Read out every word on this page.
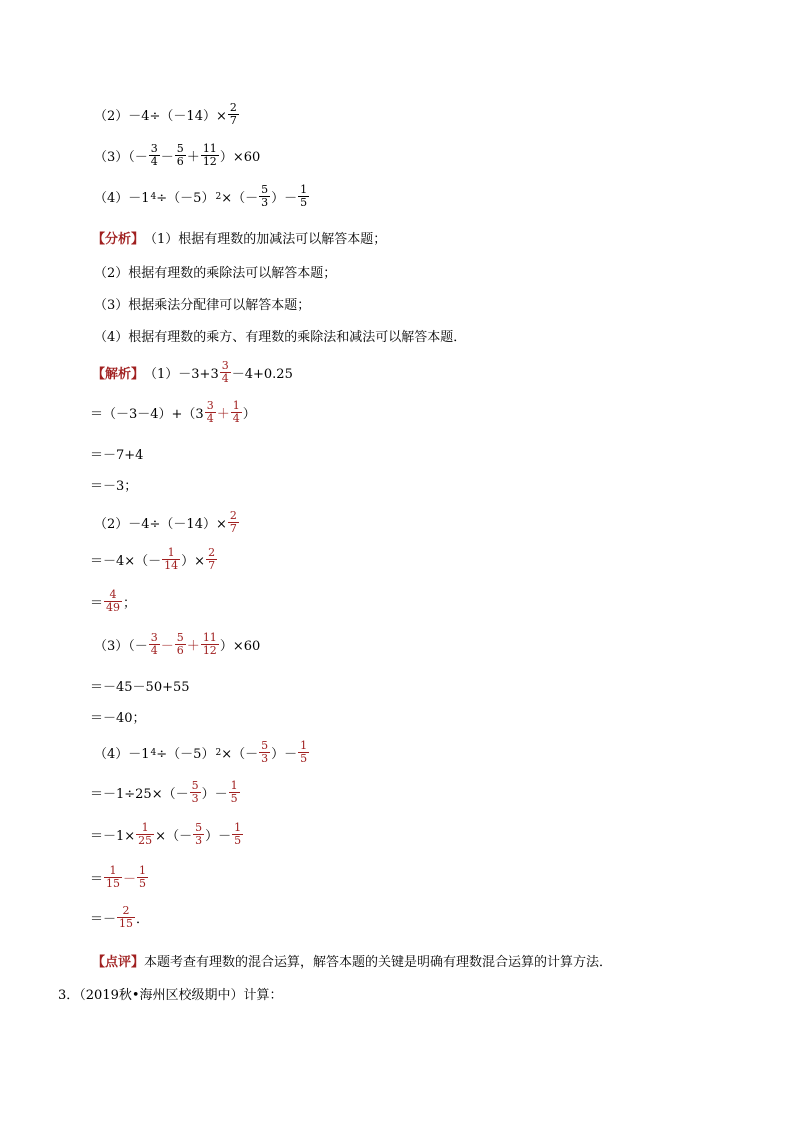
$(2)-4\div(-14)\times \frac{2}{7}$
$(3)(- \frac{3}{4} - \frac{5}{6} + \frac{11}{12} )\times 60$
（4）－1 4 ÷（－5） 2 ×（－ $\frac{5}{3}$ ）－ $\frac{1}{5}$
【分析】 （1）根据有理数的加减法可以解答本题；
（2）根据有理数的乘除法可以解答本题；
（3）根据乘法分配律可以解答本题；
（4）根据有理数的乘方、有理数的乘除法和减法可以解答本题．
【解析】 $(1)-3+3 \frac{3}{4} -4+0.25$
$=(-3-4)+(3 \frac{3}{4} + \frac{1}{4}$ ）
＝－7+4
＝－3；
$(2)-4\div(-14)\times \frac{2}{7}$
$=-4\times(- \frac{1}{14}$ ）× $\frac{2}{7}$
＝ $\frac{4}{49}$ ；
$(3)(- \frac{3}{4} - \frac{5}{6} + \frac{11}{12} )\times 60$
＝－45－50+55
＝－40；
（4）－1 4 ÷（－5） 2 ×（－ $\frac{5}{3}$ ）－ $\frac{1}{5}$
$=-1\div 25\times(- \frac{5}{3}$ ）－ $\frac{1}{5}$
$=-1\times \frac{1}{25}$ ×（－ $\frac{5}{3}$ ）－ $\frac{1}{5}$
＝ $\frac{1}{15} - \frac{1}{5}$
＝－ $\frac{2}{15}$ ．
【点评】 本题考查有理数的混合运算，解答本题的关键是明确有理数混合运算的计算方法．
3．（2019秋•海州区校级期中）计算：
